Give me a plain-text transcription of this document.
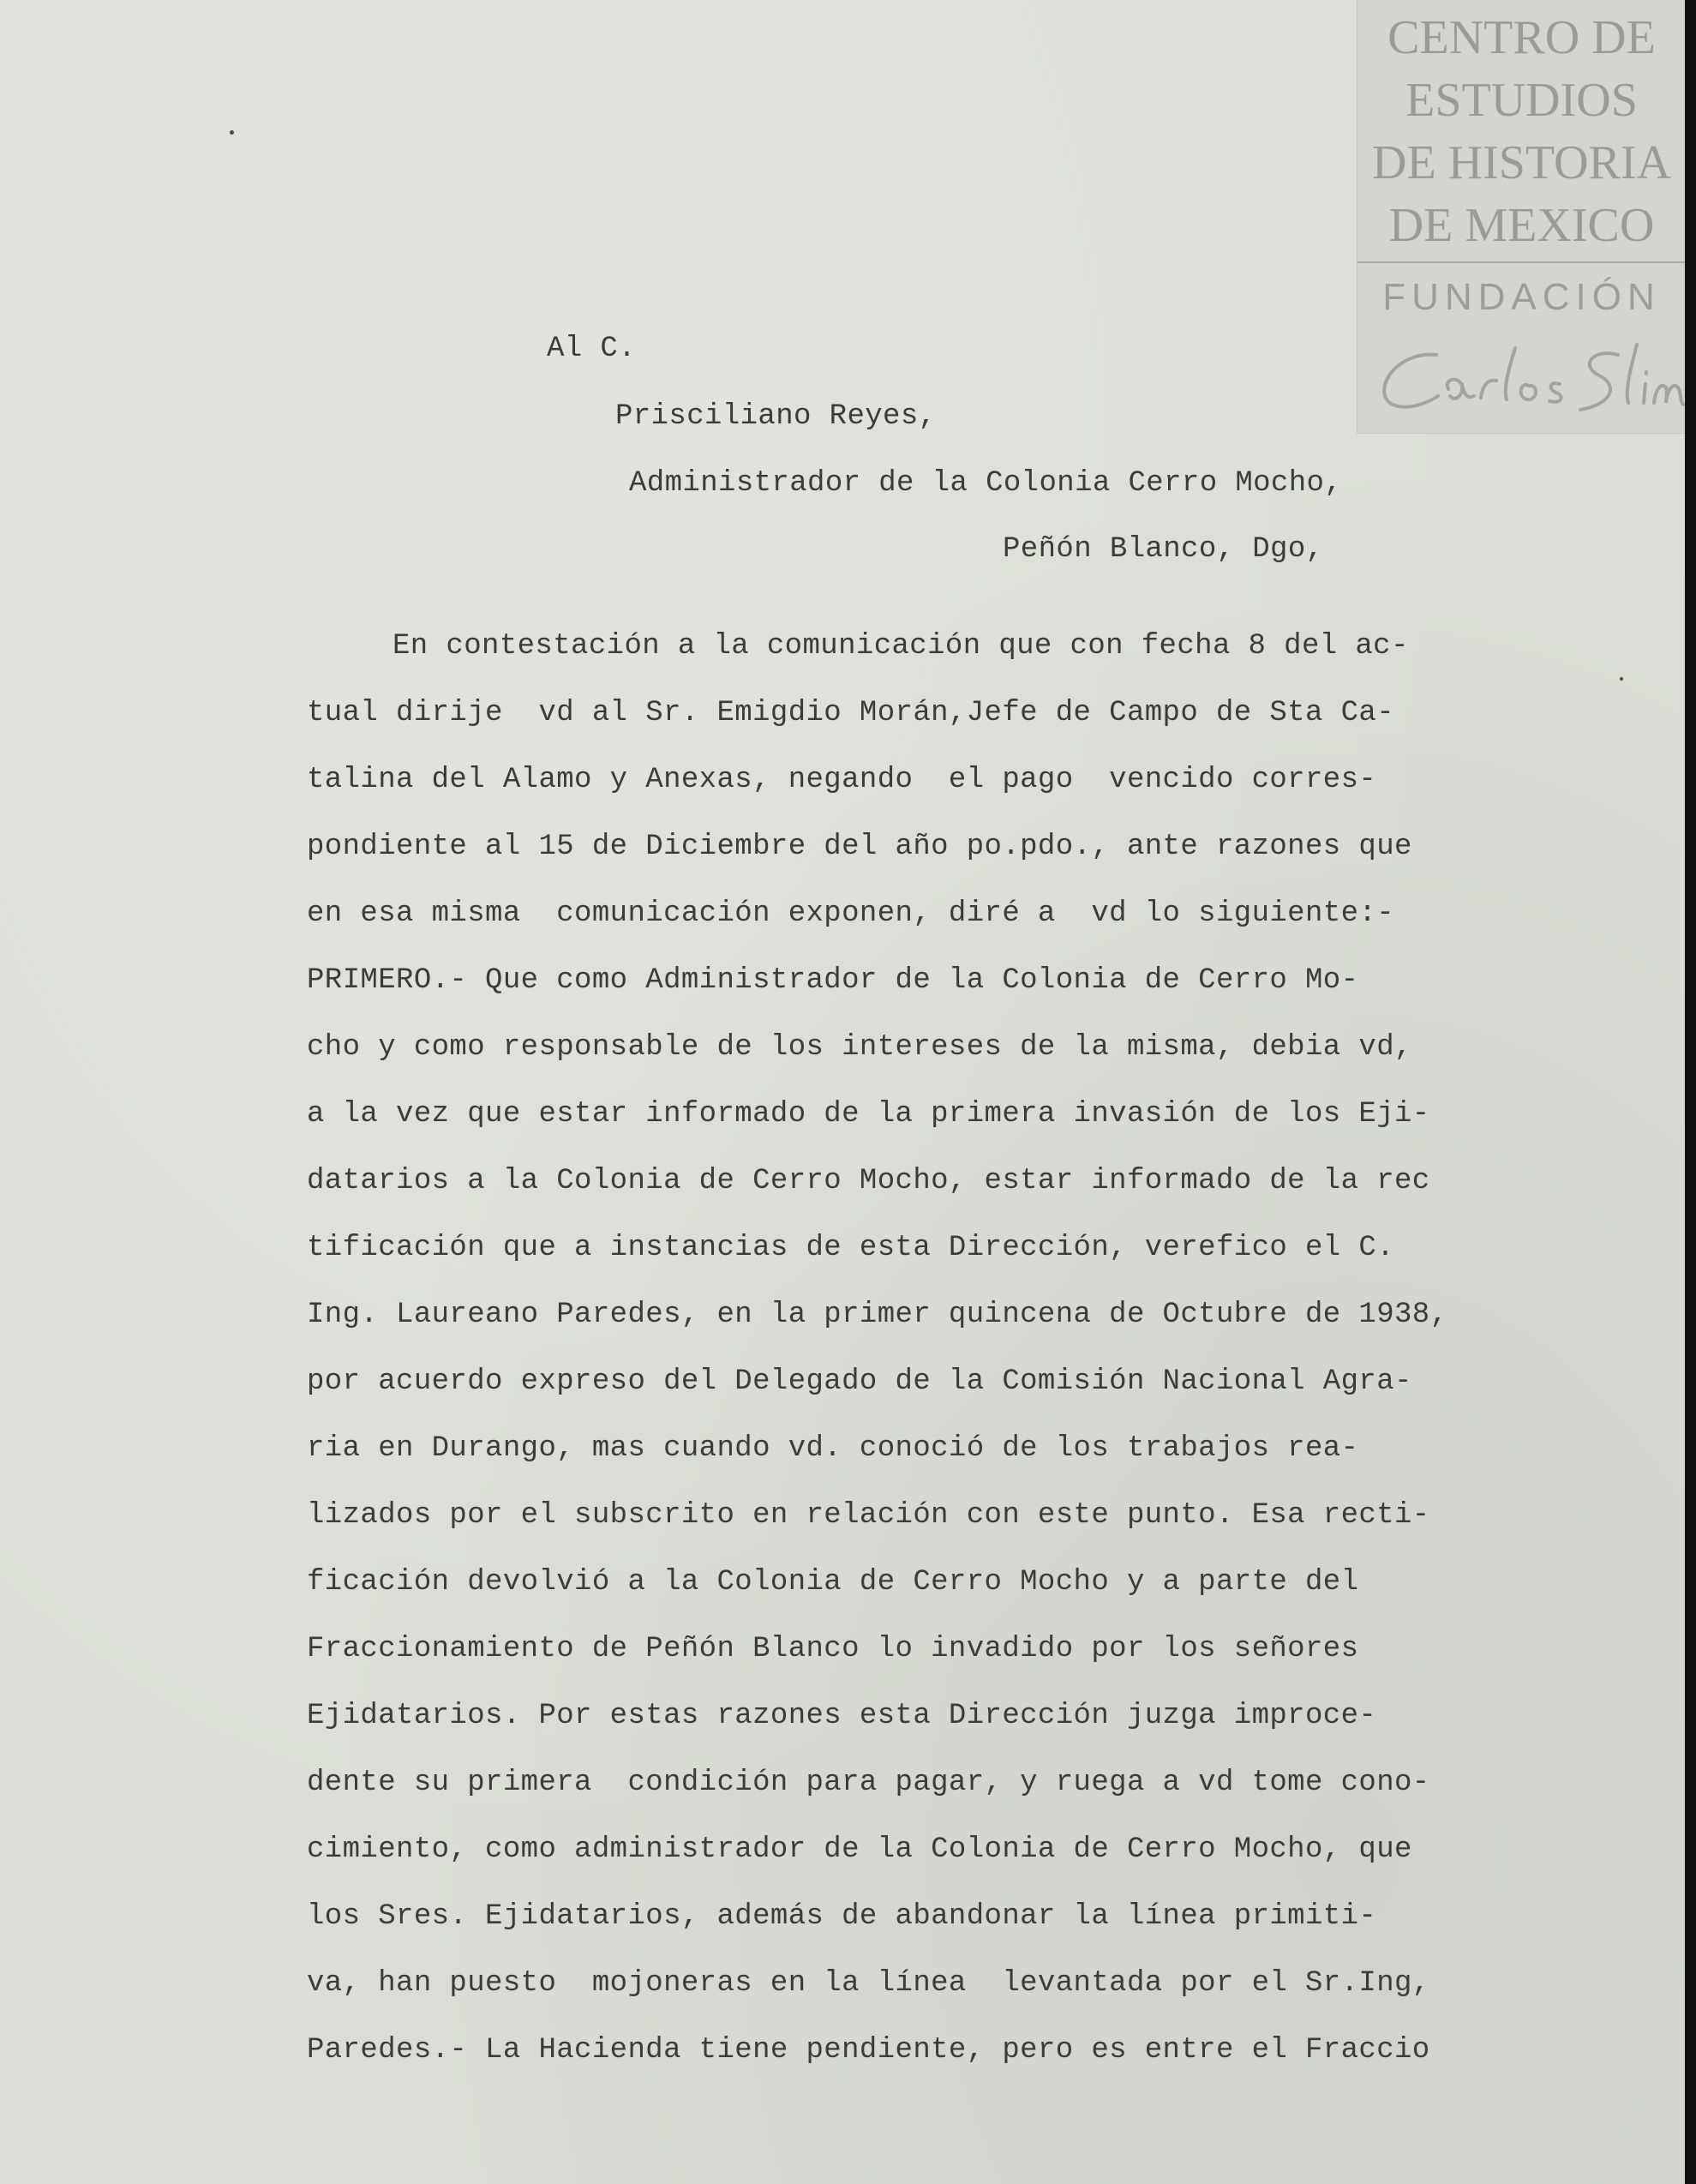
CENTRO DE
ESTUDIOS
DE HISTORIA
DE MEXICO
FUNDACIÓN

Al C.

Prisciliano Reyes,

Administrador de la Colonia Cerro Mocho,

Peñón Blanco, Dgo,

En contestación a la comunicación que con fecha 8 del ac-

tual dirije  vd al Sr. Emigdio Morán,Jefe de Campo de Sta Ca-

talina del Alamo y Anexas, negando  el pago  vencido corres-

pondiente al 15 de Diciembre del año po.pdo., ante razones que

en esa misma  comunicación exponen, diré a  vd lo siguiente:-

PRIMERO.- Que como Administrador de la Colonia de Cerro Mo-

cho y como responsable de los intereses de la misma, debia vd,

a la vez que estar informado de la primera invasión de los Eji-

datarios a la Colonia de Cerro Mocho, estar informado de la rec

tificación que a instancias de esta Dirección, verefico el C.

Ing. Laureano Paredes, en la primer quincena de Octubre de 1938,

por acuerdo expreso del Delegado de la Comisión Nacional Agra-

ria en Durango, mas cuando vd. conoció de los trabajos rea-

lizados por el subscrito en relación con este punto. Esa recti-

ficación devolvió a la Colonia de Cerro Mocho y a parte del

Fraccionamiento de Peñón Blanco lo invadido por los señores

Ejidatarios. Por estas razones esta Dirección juzga improce-

dente su primera  condición para pagar, y ruega a vd tome cono-

cimiento, como administrador de la Colonia de Cerro Mocho, que

los Sres. Ejidatarios, además de abandonar la línea primiti-

va, han puesto  mojoneras en la línea  levantada por el Sr.Ing,

Paredes.- La Hacienda tiene pendiente, pero es entre el Fraccio
